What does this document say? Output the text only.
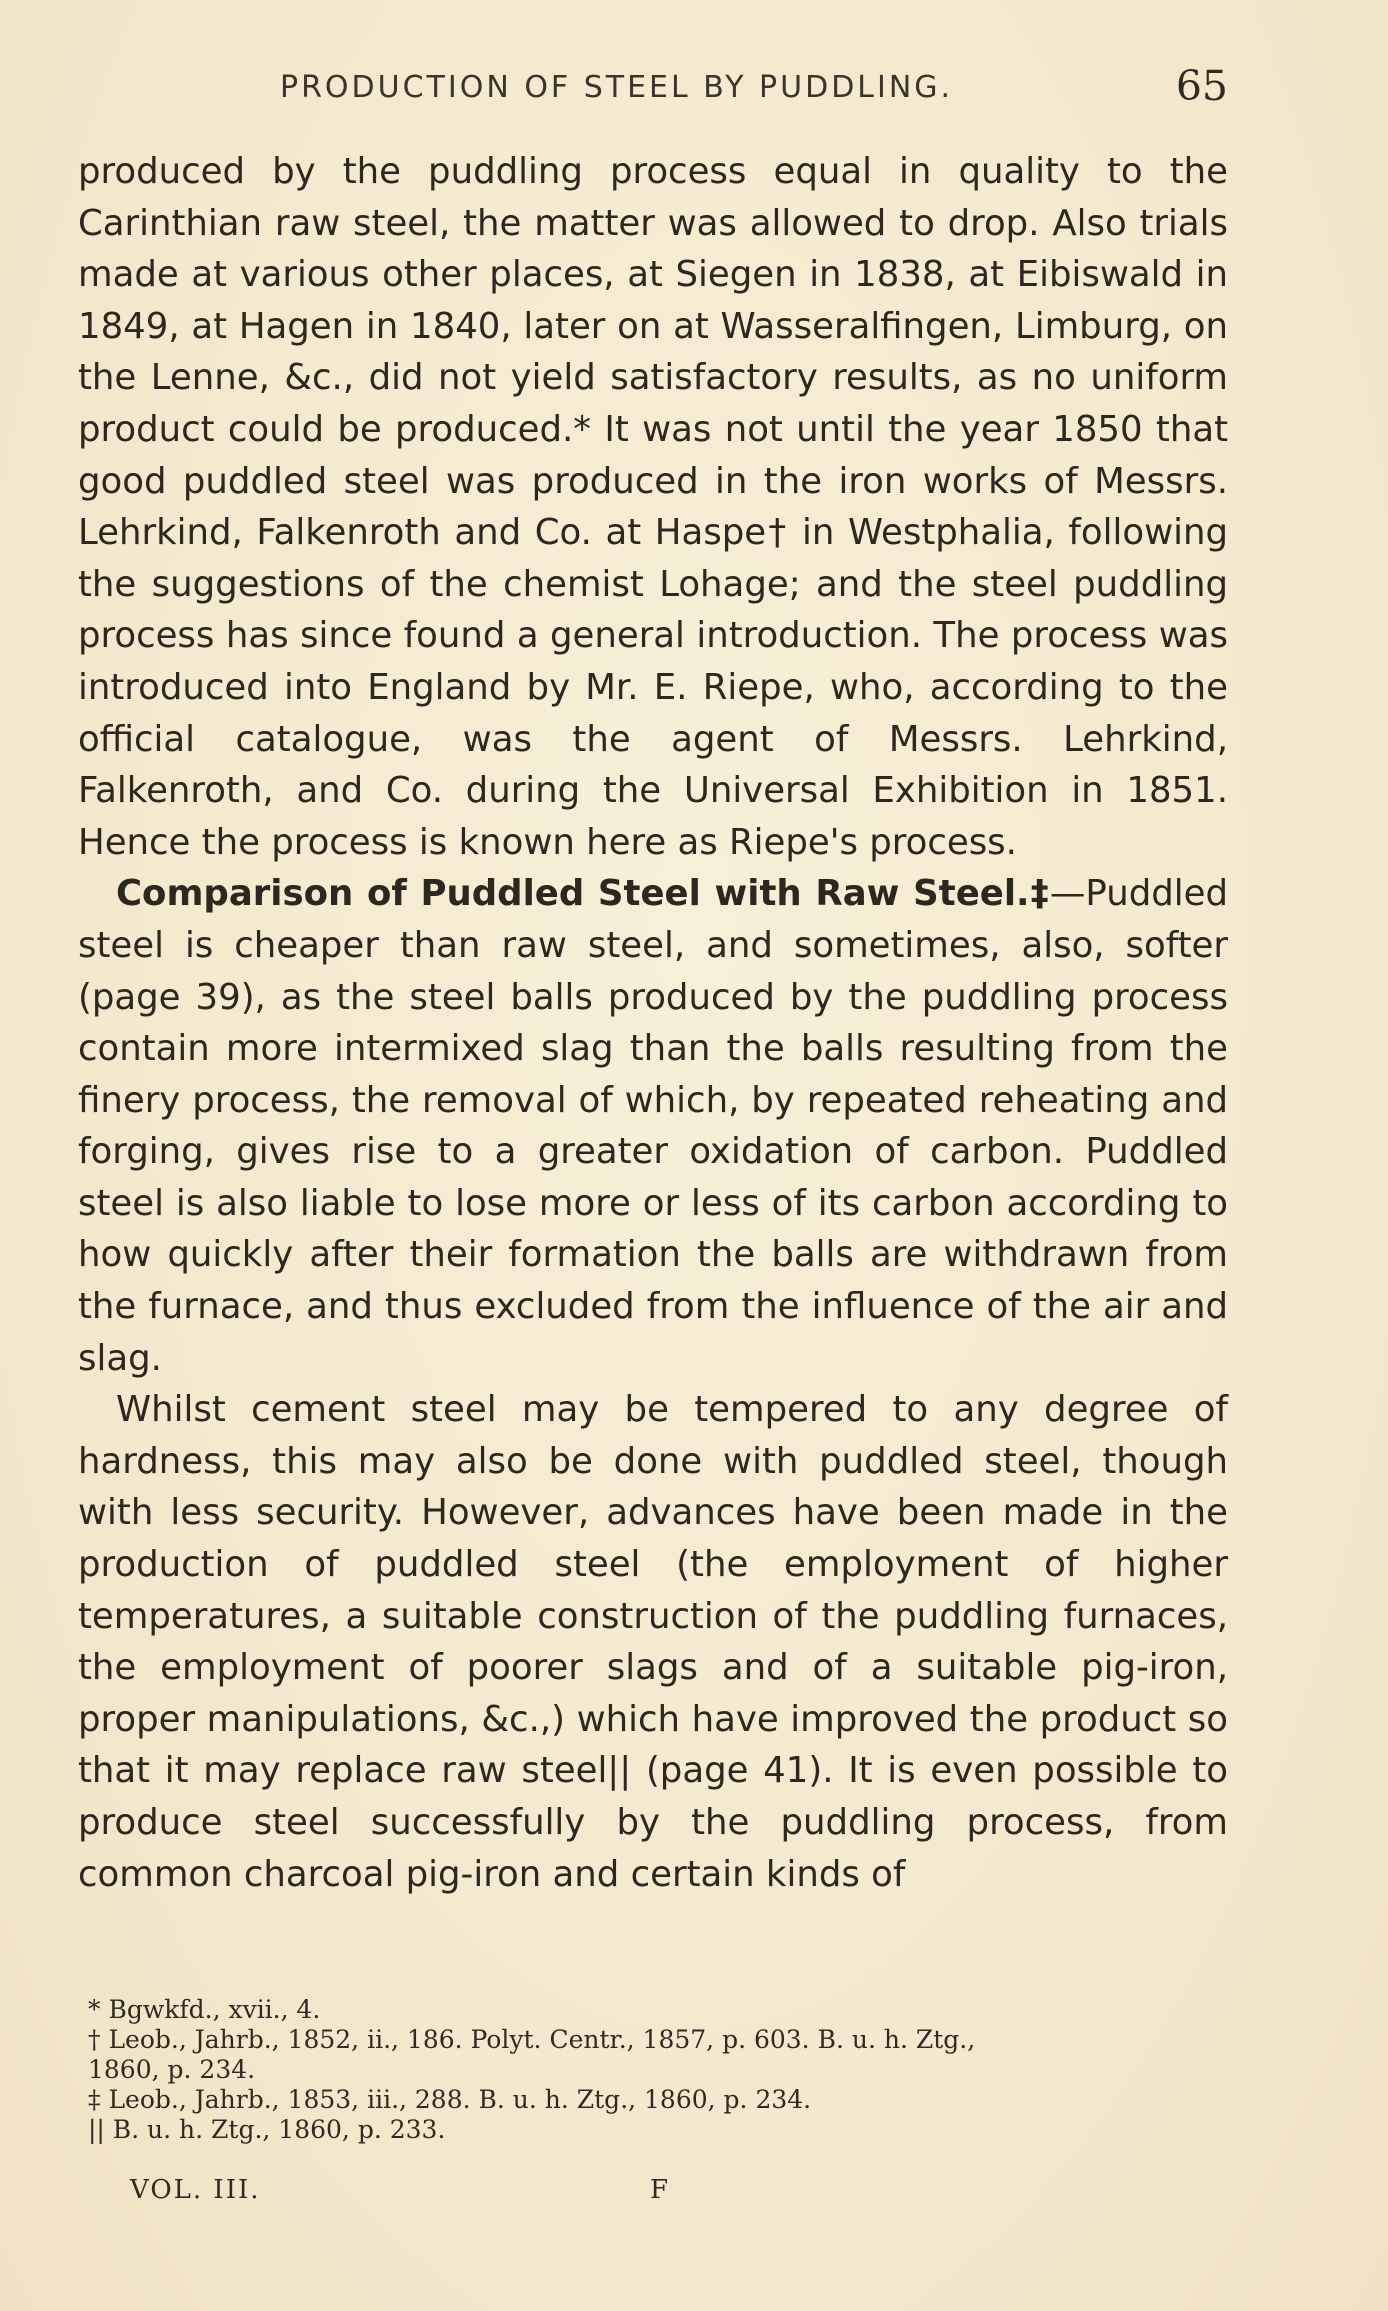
PRODUCTION OF STEEL BY PUDDLING.	65

produced by the puddling process equal in quality to the Carinthian raw steel, the matter was allowed to drop. Also trials made at various other places, at Siegen in 1838, at Eibiswald in 1849, at Hagen in 1840, later on at Wasseralfingen, Limburg, on the Lenne, &c., did not yield satisfactory results, as no uniform product could be produced.* It was not until the year 1850 that good puddled steel was produced in the iron works of Messrs. Lehrkind, Falkenroth and Co. at Haspe† in Westphalia, following the suggestions of the chemist Lohage; and the steel puddling process has since found a general introduction. The process was introduced into England by Mr. E. Riepe, who, according to the official catalogue, was the agent of Messrs. Lehrkind, Falkenroth, and Co. during the Universal Exhibition in 1851. Hence the process is known here as Riepe's process.

Comparison of Puddled Steel with Raw Steel.‡—Puddled steel is cheaper than raw steel, and sometimes, also, softer (page 39), as the steel balls produced by the puddling process contain more intermixed slag than the balls resulting from the finery process, the removal of which, by repeated reheating and forging, gives rise to a greater oxidation of carbon. Puddled steel is also liable to lose more or less of its carbon according to how quickly after their formation the balls are withdrawn from the furnace, and thus excluded from the influence of the air and slag.

Whilst cement steel may be tempered to any degree of hardness, this may also be done with puddled steel, though with less security. However, advances have been made in the production of puddled steel (the employment of higher temperatures, a suitable construction of the puddling furnaces, the employment of poorer slags and of a suitable pig-iron, proper manipulations, &c.,) which have improved the product so that it may replace raw steel|| (page 41). It is even possible to produce steel successfully by the puddling process, from common charcoal pig-iron and certain kinds of

* Bgwkfd., xvii., 4.

† Leob., Jahrb., 1852, ii., 186. Polyt. Centr., 1857, p. 603. B. u. h. Ztg.,

1860, p. 234.

‡ Leob., Jahrb., 1853, iii., 288. B. u. h. Ztg., 1860, p. 234.

|| B. u. h. Ztg., 1860, p. 233.

VOL. III.	F
